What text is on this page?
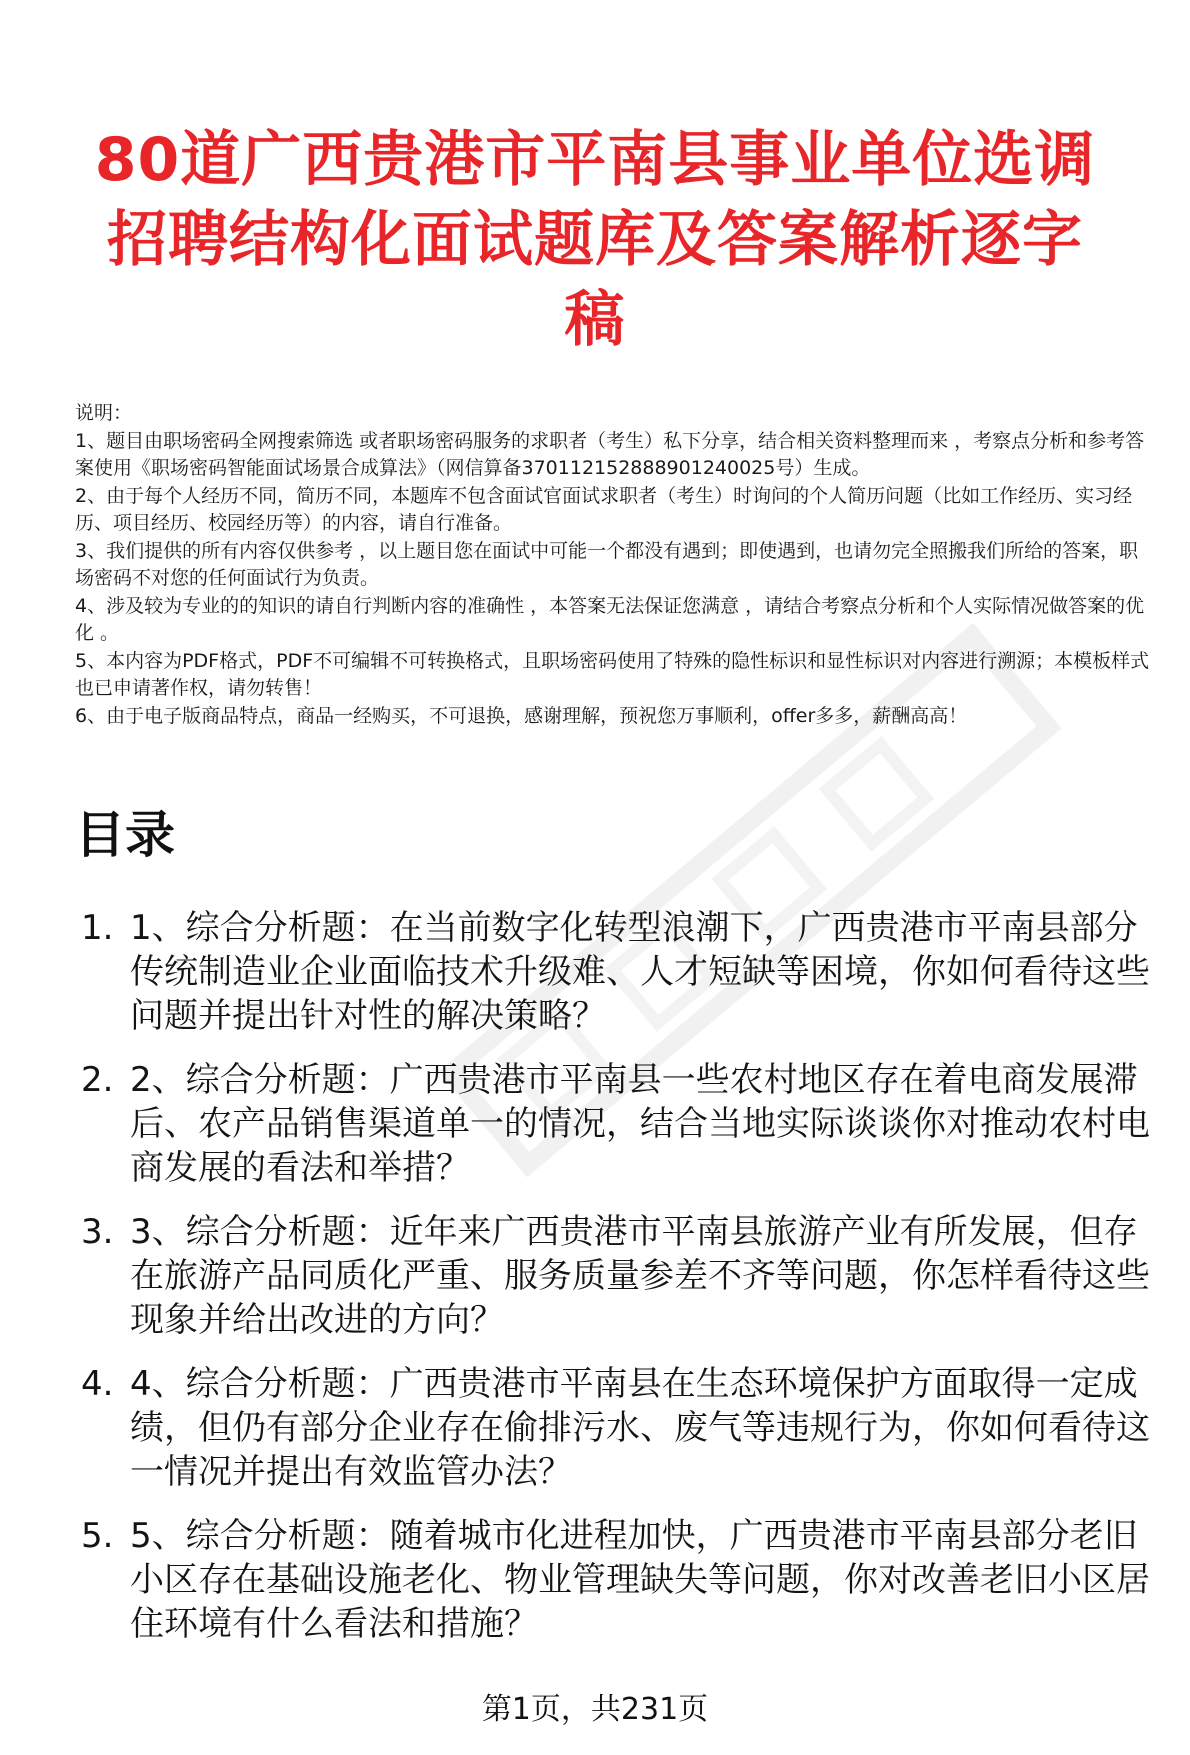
80道广西贵港市平南县事业单位选调招聘结构化面试题库及答案解析逐字稿

说明：

1、题目由职场密码全网搜索筛选 或者职场密码服务的求职者（考生）私下分享，结合相关资料整理而来 ，考察点分析和参考答案使用《职场密码智能面试场景合成算法》（网信算备370112152888901240025号）生成。

2、由于每个人经历不同，简历不同，本题库不包含面试官面试求职者（考生）时询问的个人简历问题（比如工作经历、实习经历、项目经历、校园经历等）的内容，请自行准备。

3、我们提供的所有内容仅供参考 ，以上题目您在面试中可能一个都没有遇到；即使遇到，也请勿完全照搬我们所给的答案，职场密码不对您的任何面试行为负责。

4、涉及较为专业的的知识的请自行判断内容的准确性 ，本答案无法保证您满意 ，请结合考察点分析和个人实际情况做答案的优化 。

5、本内容为PDF格式，PDF不可编辑不可转换格式，且职场密码使用了特殊的隐性标识和显性标识对内容进行溯源；本模板样式也已申请著作权，请勿转售！

6、由于电子版商品特点，商品一经购买，不可退换，感谢理解，预祝您万事顺利，offer多多，薪酬高高！

目录
1. 1、综合分析题：在当前数字化转型浪潮下，广西贵港市平南县部分传统制造业企业面临技术升级难、人才短缺等困境，你如何看待这些问题并提出针对性的解决策略？
2. 2、综合分析题：广西贵港市平南县一些农村地区存在着电商发展滞后、农产品销售渠道单一的情况，结合当地实际谈谈你对推动农村电商发展的看法和举措？
3. 3、综合分析题：近年来广西贵港市平南县旅游产业有所发展，但存在旅游产品同质化严重、服务质量参差不齐等问题，你怎样看待这些现象并给出改进的方向？
4. 4、综合分析题：广西贵港市平南县在生态环境保护方面取得一定成绩，但仍有部分企业存在偷排污水、废气等违规行为，你如何看待这一情况并提出有效监管办法？
5. 5、综合分析题：随着城市化进程加快，广西贵港市平南县部分老旧小区存在基础设施老化、物业管理缺失等问题，你对改善老旧小区居住环境有什么看法和措施？
第1页，共231页
